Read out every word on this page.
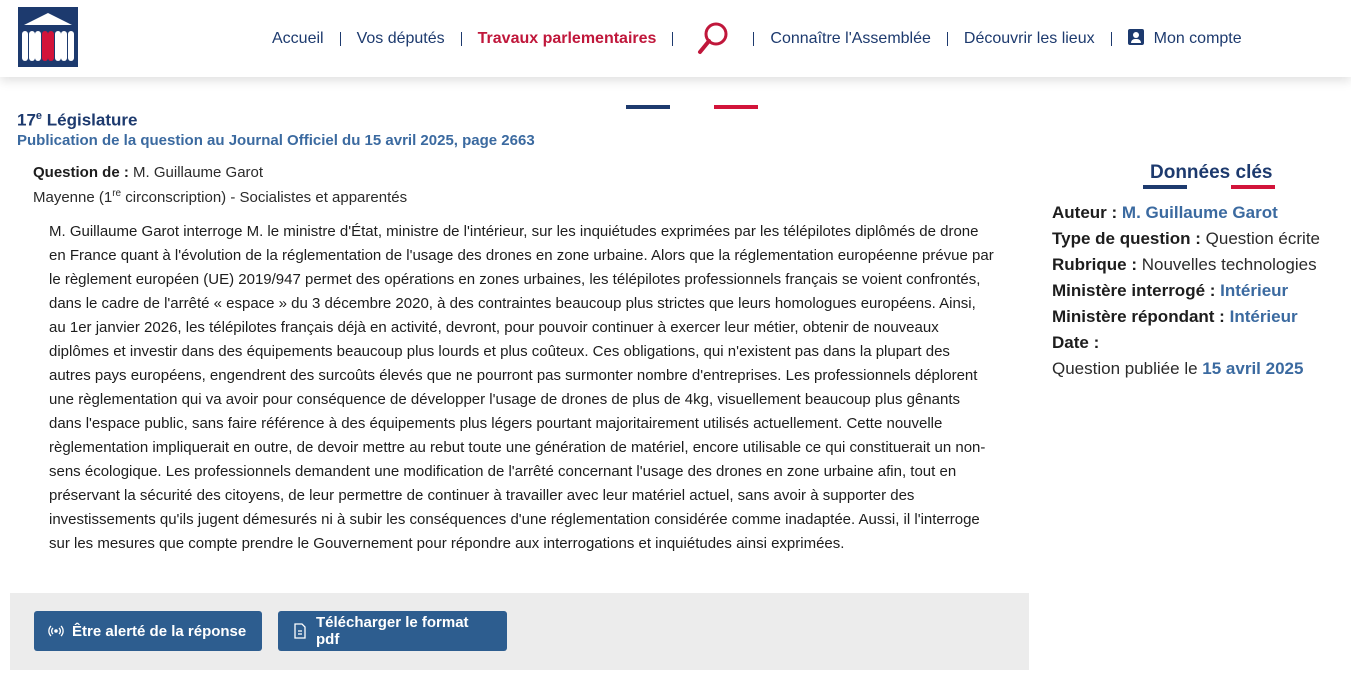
Accueil	Vos députés	Travaux parlementaires	Connaître l'Assemblée	Découvrir les lieux	Mon compte
17e Législature
Publication de la question au Journal Officiel du 15 avril 2025, page 2663
Question de : M. Guillaume Garot
Mayenne (1re circonscription) - Socialistes et apparentés
M. Guillaume Garot interroge M. le ministre d'État, ministre de l'intérieur, sur les inquiétudes exprimées par les télépilotes diplômés de drone en France quant à l'évolution de la réglementation de l'usage des drones en zone urbaine. Alors que la réglementation européenne prévue par le règlement européen (UE) 2019/947 permet des opérations en zones urbaines, les télépilotes professionnels français se voient confrontés, dans le cadre de l'arrêté « espace » du 3 décembre 2020, à des contraintes beaucoup plus strictes que leurs homologues européens. Ainsi, au 1er janvier 2026, les télépilotes français déjà en activité, devront, pour pouvoir continuer à exercer leur métier, obtenir de nouveaux diplômes et investir dans des équipements beaucoup plus lourds et plus coûteux. Ces obligations, qui n'existent pas dans la plupart des autres pays européens, engendrent des surcoûts élevés que ne pourront pas surmonter nombre d'entreprises. Les professionnels déplorent une règlementation qui va avoir pour conséquence de développer l'usage de drones de plus de 4kg, visuellement beaucoup plus gênants dans l'espace public, sans faire référence à des équipements plus légers pourtant majoritairement utilisés actuellement. Cette nouvelle règlementation impliquerait en outre, de devoir mettre au rebut toute une génération de matériel, encore utilisable ce qui constituerait un non-sens écologique. Les professionnels demandent une modification de l'arrêté concernant l'usage des drones en zone urbaine afin, tout en préservant la sécurité des citoyens, de leur permettre de continuer à travailler avec leur matériel actuel, sans avoir à supporter des investissements qu'ils jugent démesurés ni à subir les conséquences d'une réglementation considérée comme inadaptée. Aussi, il l'interroge sur les mesures que compte prendre le Gouvernement pour répondre aux interrogations et inquiétudes ainsi exprimées.
Être alerté de la réponse	Télécharger le format pdf
Données clés
Auteur : M. Guillaume Garot
Type de question : Question écrite
Rubrique : Nouvelles technologies
Ministère interrogé : Intérieur
Ministère répondant : Intérieur
Date :
Question publiée le 15 avril 2025
